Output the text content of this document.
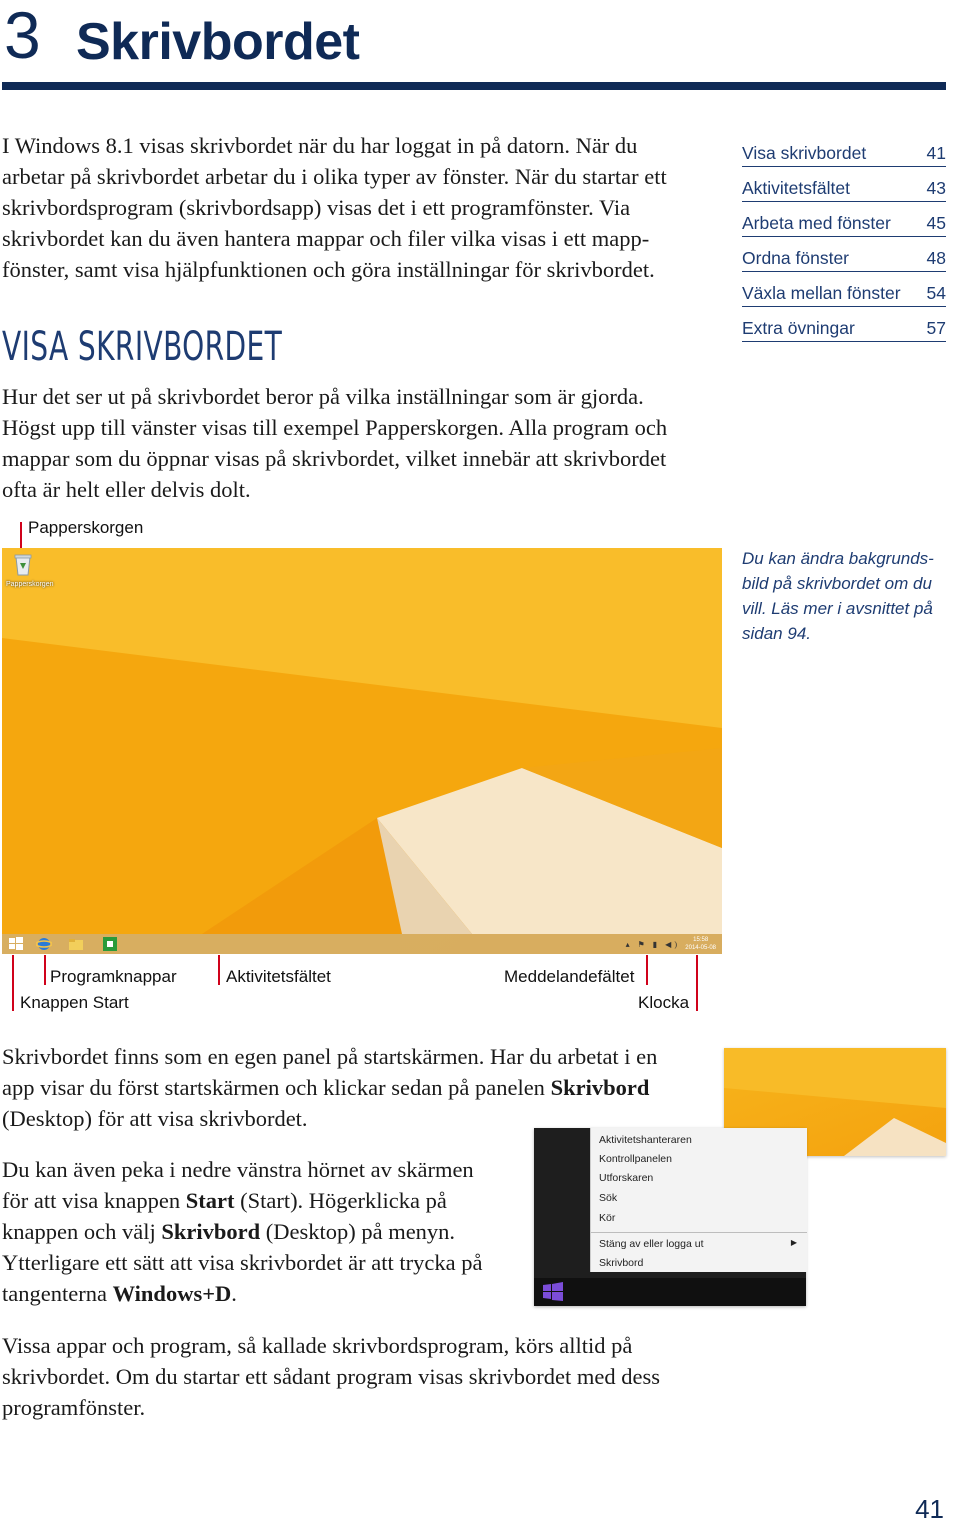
3 Skrivbordet
I Windows 8.1 visas skrivbordet när du har loggat in på datorn. När du
arbetar på skrivbordet arbetar du i olika typer av fönster. När du startar ett
skrivbordsprogram (skrivbordsapp) visas det i ett programfönster. Via
skrivbordet kan du även hantera mappar och filer vilka visas i ett mapp-
fönster, samt visa hjälpfunktionen och göra inställningar för skrivbordet.
Visa skrivbordet	41
Aktivitetsfältet	43
Arbeta med fönster 45
Ordna fönster	48
Växla mellan fönster 54
Extra övningar	57
VISA SKRIVBORDET
Hur det ser ut på skrivbordet beror på vilka inställningar som är gjorda.
Högst upp till vänster visas till exempel Papperskorgen. Alla program och
mappar som du öppnar visas på skrivbordet, vilket innebär att skrivbordet
ofta är helt eller delvis dolt.
Papperskorgen
Du kan ändra bakgrunds-
bild på skrivbordet om du
vill. Läs mer i avsnittet på
sidan 94.
Papperskorgen
▴ ⚑ ▮ ◀)	15:58
2014-05-08
Knappen Start
Programknappar	Aktivitetsfältet	Meddelandefältet
Klocka
Skrivbordet finns som en egen panel på startskärmen. Har du arbetat i en
app visar du först startskärmen och klickar sedan på panelen Skrivbord
(Desktop) för att visa skrivbordet.
Du kan även peka i nedre vänstra hörnet av skärmen
för att visa knappen Start (Start). Högerklicka på
knappen och välj Skrivbord (Desktop) på menyn.
Ytterligare ett sätt att visa skrivbordet är att trycka på
tangenterna Windows+D.
Aktivitetshanteraren
Kontrollpanelen
Utforskaren
Sök
Kör
Stäng av eller logga ut	▶
Skrivbord
Vissa appar och program, så kallade skrivbordsprogram, körs alltid på
skrivbordet. Om du startar ett sådant program visas skrivbordet med dess
programfönster.
41
